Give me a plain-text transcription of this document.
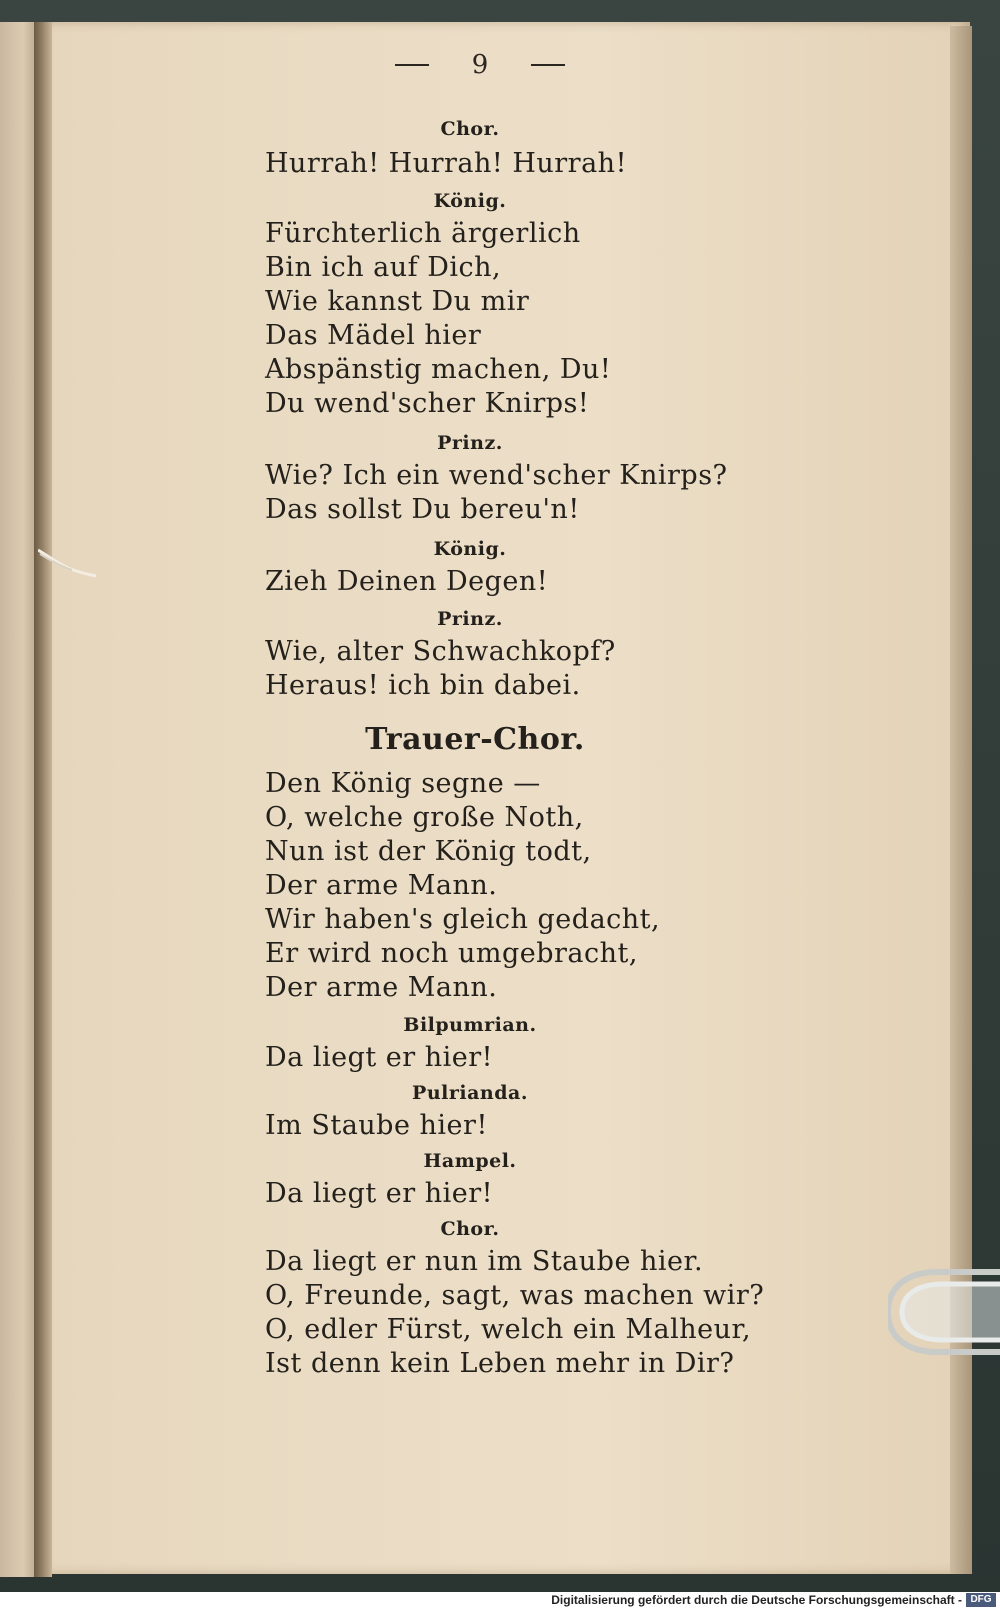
9
Chor.
Hurrah! Hurrah! Hurrah!
König.
Fürchterlich ärgerlich
Bin ich auf Dich,
Wie kannst Du mir
Das Mädel hier
Abspänstig machen, Du!
Du wend'scher Knirps!
Prinz.
Wie? Ich ein wend'scher Knirps?
Das sollst Du bereu'n!
König.
Zieh Deinen Degen!
Prinz.
Wie, alter Schwachkopf?
Heraus! ich bin dabei.
Trauer-Chor.
Den König segne —
O, welche große Noth,
Nun ist der König todt,
Der arme Mann.
Wir haben's gleich gedacht,
Er wird noch umgebracht,
Der arme Mann.
Bilpumrian.
Da liegt er hier!
Pulrianda.
Im Staube hier!
Hampel.
Da liegt er hier!
Chor.
Da liegt er nun im Staube hier.
O, Freunde, sagt, was machen wir?
O, edler Fürst, welch ein Malheur,
Ist denn kein Leben mehr in Dir?
Digitalisierung gefördert durch die Deutsche Forschungsgemeinschaft - DFG
